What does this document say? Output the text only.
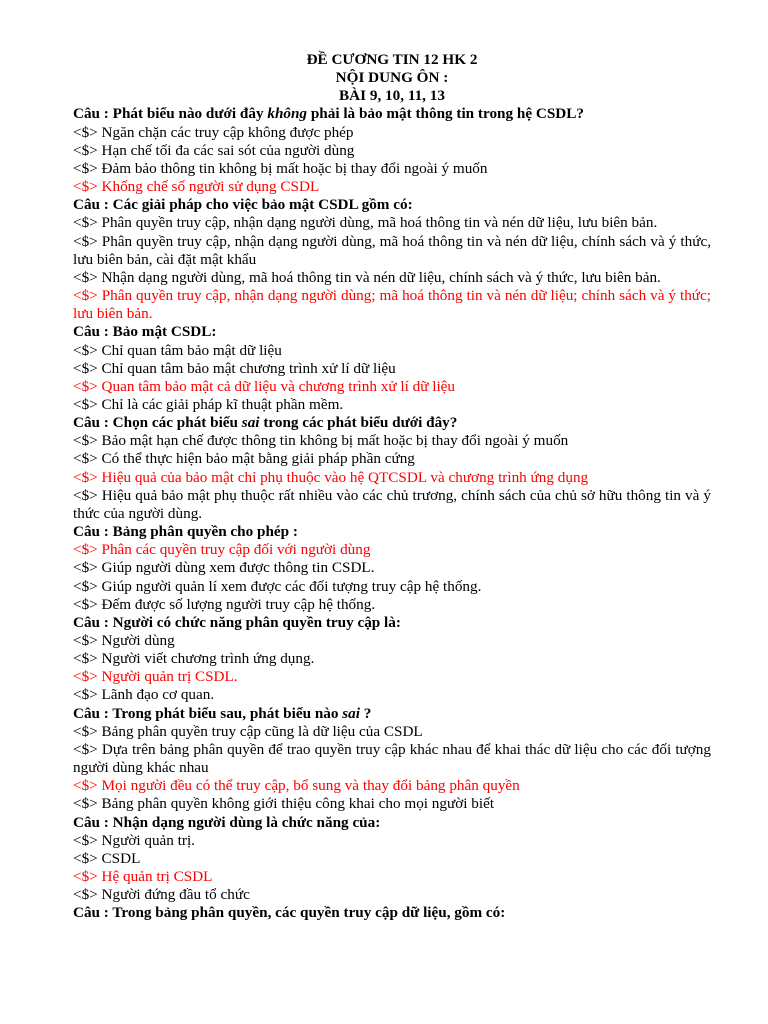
ĐỀ CƯƠNG TIN 12 HK 2
NỘI DUNG ÔN :
BÀI 9, 10, 11, 13
Câu : Phát biểu nào dưới đây không phải là bảo mật thông tin trong hệ CSDL?
<$> Ngăn chặn các truy cập không được phép
<$> Hạn chế tối đa các sai sót của người dùng
<$> Đảm bảo thông tin không bị mất hoặc bị thay đổi ngoài ý muốn
<$> Khống chế số người sử dụng CSDL
Câu : Các giải pháp cho việc bảo mật CSDL gồm có:
<$> Phân quyền truy cập, nhận dạng người dùng, mã hoá thông tin và nén dữ liệu, lưu biên bản.
<$> Phân quyền truy cập, nhận dạng người dùng, mã hoá thông tin và nén dữ liệu, chính sách và ý thức, lưu biên bản, cài đặt mật khẩu
<$> Nhận dạng người dùng, mã hoá thông tin và nén dữ liệu, chính sách và ý thức, lưu biên bản.
<$> Phân quyền truy cập, nhận dạng người dùng; mã hoá thông tin và nén dữ liệu; chính sách và ý thức; lưu biên bản.
Câu : Bảo mật CSDL:
<$> Chỉ quan tâm bảo mật dữ liệu
<$> Chỉ quan tâm bảo mật chương trình xử lí dữ liệu
<$> Quan tâm bảo mật cả dữ liệu và chương trình xử lí dữ liệu
<$> Chỉ là các giải pháp kĩ thuật phần mềm.
Câu : Chọn các phát biểu sai trong các phát biểu dưới đây?
<$> Bảo mật hạn chế được thông tin không bị mất hoặc bị thay đổi ngoài ý muốn
<$> Có thể thực hiện bảo mật bằng giải pháp phần cứng
<$> Hiệu quả của bảo mật chỉ phụ thuộc vào hệ QTCSDL và chương trình ứng dụng
<$> Hiệu quả bảo mật phụ thuộc rất nhiều vào các chủ trương, chính sách của chủ sở hữu thông tin và ý thức của người dùng.
Câu : Bảng phân quyền cho phép :
<$> Phân các quyền truy cập đối với người dùng
<$> Giúp người dùng xem được thông tin CSDL.
<$> Giúp người quản lí xem được các đối tượng truy cập hệ thống.
<$> Đếm được số lượng người truy cập hệ thống.
Câu : Người có chức năng phân quyền truy cập là:
<$> Người dùng
<$> Người viết chương trình ứng dụng.
<$> Người quản trị CSDL.
<$> Lãnh đạo cơ quan.
Câu : Trong phát biểu sau, phát biểu nào sai ?
<$> Bảng phân quyền truy cập cũng là dữ liệu của CSDL
<$> Dựa trên bảng phân quyền để trao quyền truy cập khác nhau để khai thác dữ liệu cho các đối tượng người dùng khác nhau
<$> Mọi người đều có thể truy cập, bổ sung và thay đổi bảng phân quyền
<$> Bảng phân quyền không giới thiệu công khai cho mọi người biết
Câu : Nhận dạng người dùng là chức năng của:
<$> Người quản trị.
<$> CSDL
<$> Hệ quản trị CSDL
<$> Người đứng đầu tổ chức
Câu : Trong bảng phân quyền, các quyền truy cập dữ liệu, gồm có:
